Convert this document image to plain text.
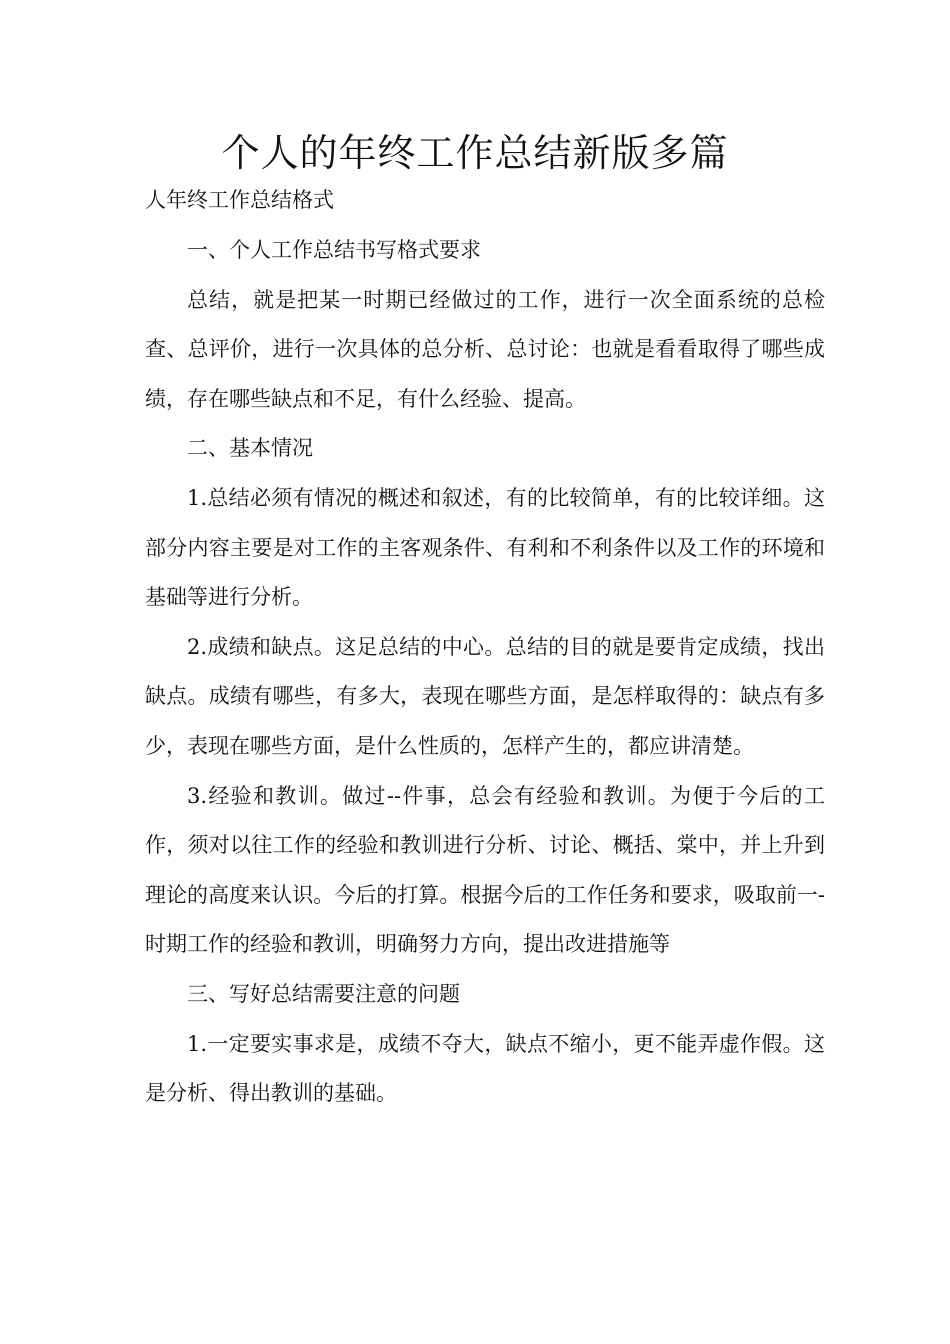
个人的年终工作总结新版多篇

人年终工作总结格式

一、个人工作总结书写格式要求

总结，就是把某一时期已经做过的工作，进行一次全面系统的总检查、总评价，进行一次具体的总分析、总讨论：也就是看看取得了哪些成绩，存在哪些缺点和不足，有什么经验、提高。

二、基本情况

1.总结必须有情况的概述和叙述，有的比较简单，有的比较详细。这部分内容主要是对工作的主客观条件、有利和不利条件以及工作的环境和基础等进行分析。

2.成绩和缺点。这足总结的中心。总结的目的就是要肯定成绩，找出缺点。成绩有哪些，有多大，表现在哪些方面，是怎样取得的：缺点有多少，表现在哪些方面，是什么性质的，怎样产生的，都应讲清楚。

3.经验和教训。做过--件事，总会有经验和教训。为便于今后的工作，须对以往工作的经验和教训进行分析、讨论、概括、棠中，并上升到理论的高度来认识。今后的打算。根据今后的工作任务和要求，吸取前一-时期工作的经验和教训，明确努力方向，提出改进措施等

三、写好总结需要注意的问题

1.一定要实事求是，成绩不夺大，缺点不缩小，更不能弄虚作假。这是分析、得出教训的基础。
